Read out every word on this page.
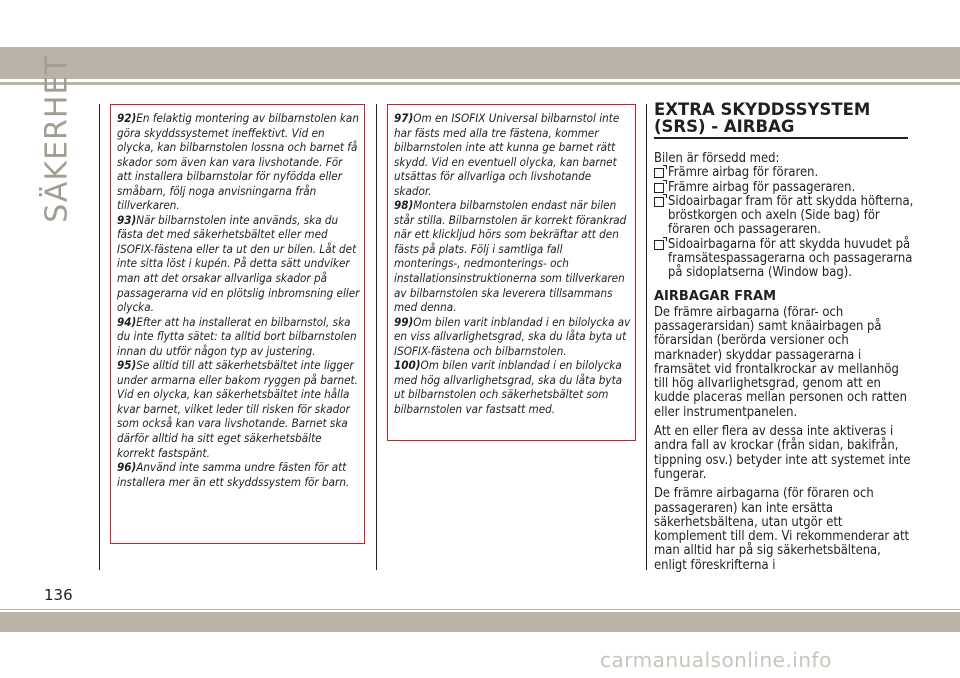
SÄKERHET	92)En felaktig montering av bilbarnstolen kan göra skyddssystemet ineffektivt. Vid en olycka, kan bilbarnstolen lossna och barnet få skador som även kan vara livshotande. För att installera bilbarnstolar för nyfödda eller småbarn, följ noga anvisningarna från tillverkaren.

93)När bilbarnstolen inte används, ska du fästa det med säkerhetsbältet eller med ISOFIX-fästena eller ta ut den ur bilen. Låt det inte sitta löst i kupén. På detta sätt undviker man att det orsakar allvarliga skador på passagerarna vid en plötslig inbromsning eller olycka.

94)Efter att ha installerat en bilbarnstol, ska du inte flytta sätet: ta alltid bort bilbarnstolen innan du utför någon typ av justering.

95)Se alltid till att säkerhetsbältet inte ligger under armarna eller bakom ryggen på barnet. Vid en olycka, kan säkerhetsbältet inte hålla kvar barnet, vilket leder till risken för skador som också kan vara livshotande. Barnet ska därför alltid ha sitt eget säkerhetsbälte korrekt fastspänt.

96)Använd inte samma undre fästen för att installera mer än ett skyddssystem för barn.

97)Om en ISOFIX Universal bilbarnstol inte har fästs med alla tre fästena, kommer bilbarnstolen inte att kunna ge barnet rätt skydd. Vid en eventuell olycka, kan barnet utsättas för allvarliga och livshotande skador.

98)Montera bilbarnstolen endast när bilen står stilla. Bilbarnstolen är korrekt förankrad när ett klickljud hörs som bekräftar att den fästs på plats. Följ i samtliga fall monterings-, nedmonterings- och installationsinstruktionerna som tillverkaren av bilbarnstolen ska leverera tillsammans med denna.

99)Om bilen varit inblandad i en bilolycka av en viss allvarlighetsgrad, ska du låta byta ut ISOFIX-fästena och bilbarnstolen.

100)Om bilen varit inblandad i en bilolycka med hög allvarlighetsgrad, ska du låta byta ut bilbarnstolen och säkerhetsbältet som bilbarnstolen var fastsatt med.

EXTRA SKYDDSSYSTEM (SRS) - AIRBAG

Bilen är försedd med:

Främre airbag för föraren.
Främre airbag för passageraren.
Sidoairbagar fram för att skydda höfterna, bröstkorgen och axeln (Side bag) för föraren och passageraren.
Sidoairbagarna för att skydda huvudet på framsätespassagerarna och passagerarna på sidoplatserna (Window bag).
AIRBAGAR FRAM

De främre airbagarna (förar- och passagerarsidan) samt knäairbagen på förarsidan (berörda versioner och marknader) skyddar passagerarna i framsätet vid frontalkrockar av mellanhög till hög allvarlighetsgrad, genom att en kudde placeras mellan personen och ratten eller instrumentpanelen.

Att en eller flera av dessa inte aktiveras i andra fall av krockar (från sidan, bakifrån, tippning osv.) betyder inte att systemet inte fungerar.

De främre airbagarna (för föraren och passageraren) kan inte ersätta säkerhetsbältena, utan utgör ett komplement till dem. Vi rekommenderar att man alltid har på sig säkerhetsbältena, enligt föreskrifterna i

136
carmanualsonline.info
